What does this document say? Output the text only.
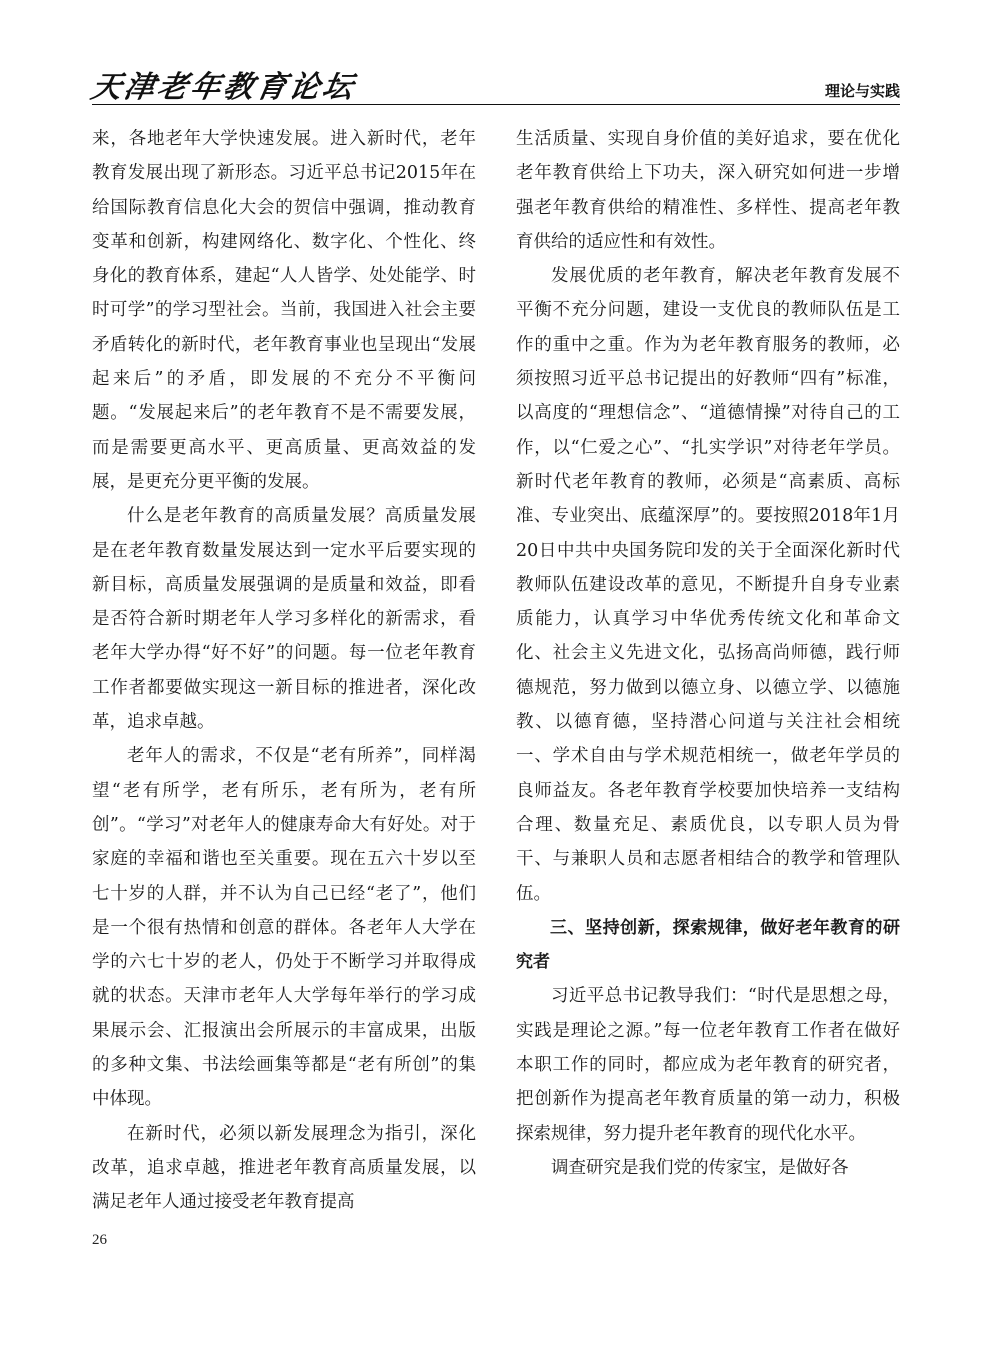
天津老年教育论坛	理论与实践

来，各地老年大学快速发展。进入新时代，老年教育发展出现了新形态。习近平总书记2015年在给国际教育信息化大会的贺信中强调，推动教育变革和创新，构建网络化、数字化、个性化、终身化的教育体系，建起“人人皆学、处处能学、时时可学”的学习型社会。当前，我国进入社会主要矛盾转化的新时代，老年教育事业也呈现出“发展起来后”的矛盾，即发展的不充分不平衡问题。“发展起来后”的老年教育不是不需要发展，而是需要更高水平、更高质量、更高效益的发展，是更充分更平衡的发展。

什么是老年教育的高质量发展？高质量发展是在老年教育数量发展达到一定水平后要实现的新目标，高质量发展强调的是质量和效益，即看是否符合新时期老年人学习多样化的新需求，看老年大学办得“好不好”的问题。每一位老年教育工作者都要做实现这一新目标的推进者，深化改革，追求卓越。

老年人的需求，不仅是“老有所养”，同样渴望“老有所学，老有所乐，老有所为，老有所创”。“学习”对老年人的健康寿命大有好处。对于家庭的幸福和谐也至关重要。现在五六十岁以至七十岁的人群，并不认为自己已经“老了”，他们是一个很有热情和创意的群体。各老年人大学在学的六七十岁的老人，仍处于不断学习并取得成就的状态。天津市老年人大学每年举行的学习成果展示会、汇报演出会所展示的丰富成果，出版的多种文集、书法绘画集等都是“老有所创”的集中体现。

在新时代，必须以新发展理念为指引，深化改革，追求卓越，推进老年教育高质量发展，以满足老年人通过接受老年教育提高

生活质量、实现自身价值的美好追求，要在优化老年教育供给上下功夫，深入研究如何进一步增强老年教育供给的精准性、多样性、提高老年教育供给的适应性和有效性。

发展优质的老年教育，解决老年教育发展不平衡不充分问题，建设一支优良的教师队伍是工作的重中之重。作为为老年教育服务的教师，必须按照习近平总书记提出的好教师“四有”标准，以高度的“理想信念”、“道德情操”对待自己的工作，以“仁爱之心”、“扎实学识”对待老年学员。新时代老年教育的教师，必须是“高素质、高标准、专业突出、底蕴深厚”的。要按照2018年1月20日中共中央国务院印发的关于全面深化新时代教师队伍建设改革的意见，不断提升自身专业素质能力，认真学习中华优秀传统文化和革命文化、社会主义先进文化，弘扬高尚师德，践行师德规范，努力做到以德立身、以德立学、以德施教、以德育德，坚持潜心问道与关注社会相统一、学术自由与学术规范相统一，做老年学员的良师益友。各老年教育学校要加快培养一支结构合理、数量充足、素质优良，以专职人员为骨干、与兼职人员和志愿者相结合的教学和管理队伍。

三、坚持创新，探索规律，做好老年教育的研究者

习近平总书记教导我们：“时代是思想之母，实践是理论之源。”每一位老年教育工作者在做好本职工作的同时，都应成为老年教育的研究者，把创新作为提高老年教育质量的第一动力，积极探索规律，努力提升老年教育的现代化水平。

调查研究是我们党的传家宝，是做好各

26
